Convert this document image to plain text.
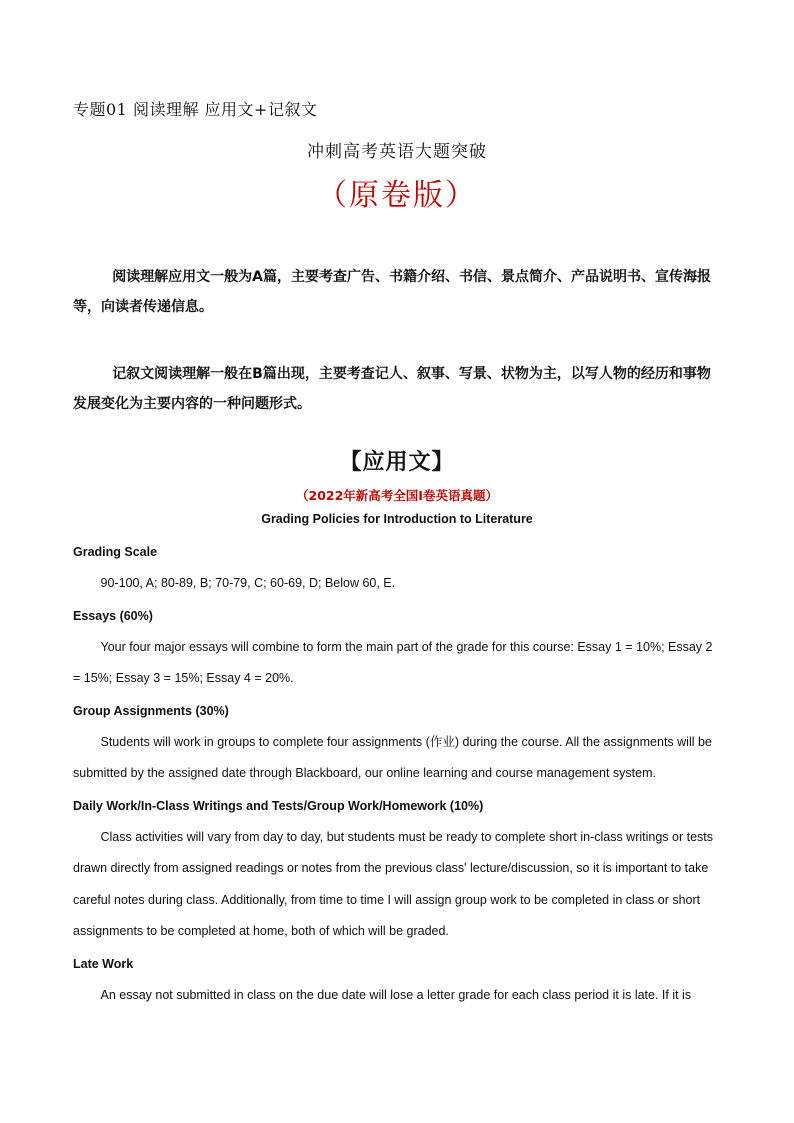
专题01 阅读理解 应用文+记叙文
冲刺高考英语大题突破
（原卷版）
阅读理解应用文一般为A篇，主要考查广告、书籍介绍、书信、景点简介、产品说明书、宣传海报等，向读者传递信息。
记叙文阅读理解一般在B篇出现，主要考查记人、叙事、写景、状物为主，以写人物的经历和事物发展变化为主要内容的一种问题形式。
【应用文】
（2022年新高考全国Ⅰ卷英语真题）
Grading Policies for Introduction to Literature
Grading Scale
90-100, A; 80-89, B; 70-79, C; 60-69, D; Below 60, E.
Essays (60%)
Your four major essays will combine to form the main part of the grade for this course: Essay 1 = 10%; Essay 2 = 15%; Essay 3 = 15%; Essay 4 = 20%.
Group Assignments (30%)
Students will work in groups to complete four assignments (作业) during the course. All the assignments will be submitted by the assigned date through Blackboard, our online learning and course management system.
Daily Work/In-Class Writings and Tests/Group Work/Homework (10%)
Class activities will vary from day to day, but students must be ready to complete short in-class writings or tests drawn directly from assigned readings or notes from the previous class' lecture/discussion, so it is important to take careful notes during class. Additionally, from time to time I will assign group work to be completed in class or short assignments to be completed at home, both of which will be graded.
Late Work
An essay not submitted in class on the due date will lose a letter grade for each class period it is late. If it is
